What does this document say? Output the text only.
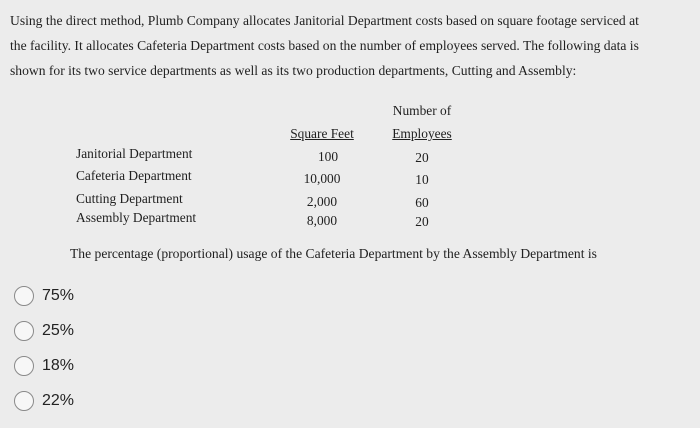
Using the direct method, Plumb Company allocates Janitorial Department costs based on square footage serviced at
the facility. It allocates Cafeteria Department costs based on the number of employees served. The following data is
shown for its two service departments as well as its two production departments, Cutting and Assembly:

Number of
Square Feet	Employees
Janitorial Department	100	20
Cafeteria Department	10,000	10
Cutting Department	2,000	60
Assembly Department	8,000	20

The percentage (proportional) usage of the Cafeteria Department by the Assembly Department is

75%
25%
18%
22%
